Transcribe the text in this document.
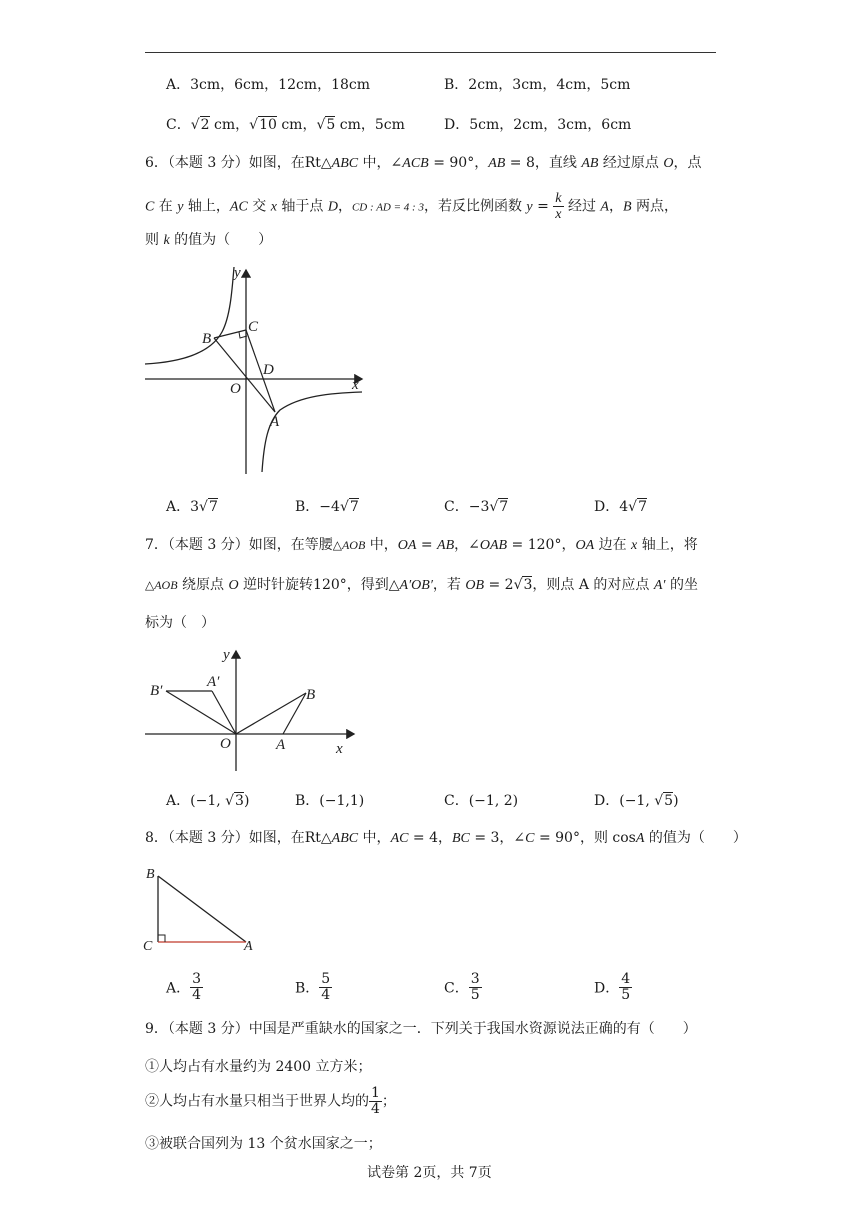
A．3cm，6cm，12cm，18cm	B．2cm，3cm，4cm，5cm
C．√2 cm，√10 cm，√5 cm，5cm	D．5cm，2cm，3cm，6cm
6．（本题 3 分）如图，在Rt△ABC 中，∠ACB = 90°，AB = 8，直线 AB 经过原点 O，点
C 在 y 轴上，AC 交 x 轴于点 D，CD : AD = 4 : 3，若反比例函数 $y = \frac{k}{x}$ 经过 A，B 两点，
则 k 的值为（　　）
y
x
O
B
C
D
A
A．3√7	B．−4√7	C．−3√7	D．4√7
7．（本题 3 分）如图，在等腰△AOB 中，OA = AB，∠OAB = 120°，OA 边在 x 轴上，将
△AOB 绕原点 O 逆时针旋转120°，得到△A′OB′，若 OB = 2√3，则点 A 的对应点 A′ 的坐
标为（　）
y
x
O	A
B
B′
A′
A．(−1, √3)	B．(−1,1)	C．(−1, 2)	D．(−1, √5)
8．（本题 3 分）如图，在Rt△ABC 中，AC = 4，BC = 3，∠C = 90°，则 cosA 的值为（　　）
B
C	A
A． $\frac{3}{4}$	B． $\frac{5}{4}$	C． $\frac{3}{5}$	D． $\frac{4}{5}$
9．（本题 3 分）中国是严重缺水的国家之一．下列关于我国水资源说法正确的有（　　）
①人均占有水量约为 2400 立方米；
②人均占有水量只相当于世界人均的 $\frac{1}{4}$ ；
③被联合国列为 13 个贫水国家之一；
试卷第 2页，共 7页
